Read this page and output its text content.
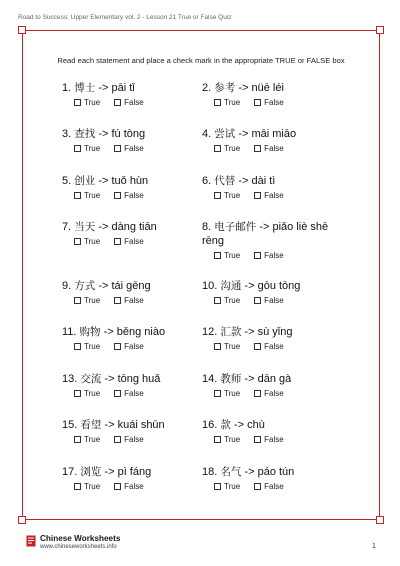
Road to Success: Upper Elementary vol. 2 - Lesson 21 True or False Quiz
Read each statement and place a check mark in the appropriate TRUE or FALSE box
1. 博士 -> pāi tǐ
True	False
2. 参考 -> nüē léi
True	False
3. 查找 -> fú tòng
True	False
4. 尝试 -> māi miāo
True	False
5. 创业 -> tuǒ hùn
True	False
6. 代替 -> dài tì
True	False
7. 当天 -> dàng tiān
True	False
8. 电子邮件 -> piǎo liè shē rēng
True	False
9. 方式 -> tái gēng
True	False
10. 沟通 -> gōu tōng
True	False
11. 购物 -> běng niào
True	False
12. 汇款 -> sù yǐng
True	False
13. 交流 -> tōng huǎ
True	False
14. 教师 -> dān gà
True	False
15. 看望 -> kuái shūn
True	False
16. 款 -> chù
True	False
17. 浏览 -> pì fáng
True	False
18. 名气 -> páo tún
True	False
Chinese Worksheets
www.chineseworksheets.info	1
